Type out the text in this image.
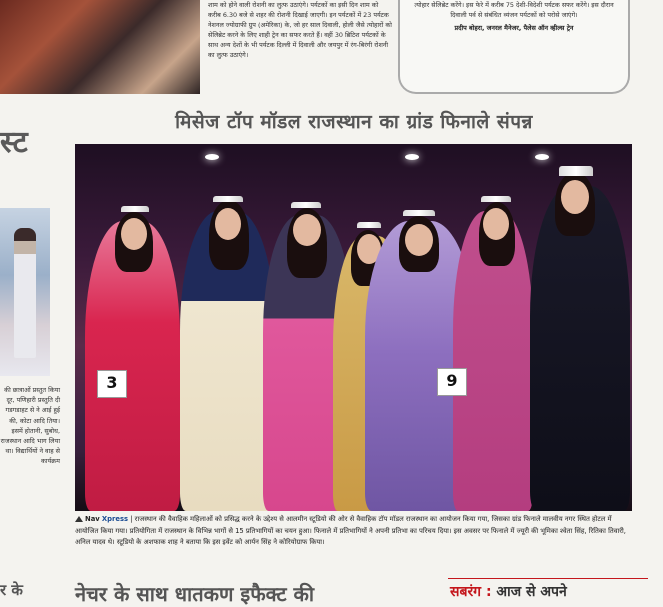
शाम को होने वाली रोशनी का लुत्फ उठाएंगे। पर्यटकों का इसी दिन शाम को करीब 6.30 बजे से शहर की रोशनी दिखाई जाएगी। इन पर्यटकों में 23 पर्यटक नेशनल ज्योग्राफी ग्रुप (अमेरिका) के, जो हर साल दिवाली, होली जैसे त्योहारों को सेलिब्रेट करने के लिए शाही ट्रेन का सफर करते हैं। वहीं 30 ब्रिटिश पर्यटकों के साथ अन्य देशों के भी पर्यटक दिल्ली में दिवाली और जयपुर में रंग-बिरंगी रोशनी का लुत्फ उठाएंगे।
त्योहार सेलिब्रेट करेंगे। इस फेरे में करीब 75 देशी-विदेशी पर्यटक सफर करेंगे। इस दौरान दिवाली पर्व से संबंधित व्यंजन पर्यटकों को परोसे जाएंगे।
प्रदीप बोहरा, जनरल मैनेजर, पैलेस ऑन व्हील्स ट्रेन
स्ट
की छात्राओं प्रस्तुत किया दूर, पणिहारी प्रस्तुति दी गडगडाहट से ने आई हुई की, कोटा आदि तिया। इसमें होतानी, सुबोध, राजस्थान आदि भाग लिया था। विद्यार्थियों ने वाह से कार्यक्रम
मिसेज टॉप मॉडल राजस्थान का ग्रांड फिनाले संपन्न
3	9
Nav Xpress | राजस्थान की वैवाहिक महिलाओं को प्रसिद्ध करने के उद्देश्य से आलमीन स्टूडियो की ओर से वैवाहिक टॉप मॉडल राजस्थान का आयोजन किया गया, जिसका ग्रांड फिनाले मालवीय नगर स्थित होटल में आयोजित किया गया। प्रतियोगिता में राजस्थान के विभिन्न भागों से 15 प्रतिभागियों का चयन हुआ। फिनाले में प्रतिभागियों ने अपनी प्रतिभा का परिचय दिया। इस अवसर पर फिनाले में ज्यूरी की भूमिका श्वेता सिंह, रितिका तिवारी, अनिल यादव थे। स्टूडियो के अशफाक शाह ने बताया कि इस इवेंट को आर्यन सिंह ने कोरियोग्राफ किया।
र के	नेचर के साथ धातकण इफैक्ट की	सबरंग : आज से अपने
